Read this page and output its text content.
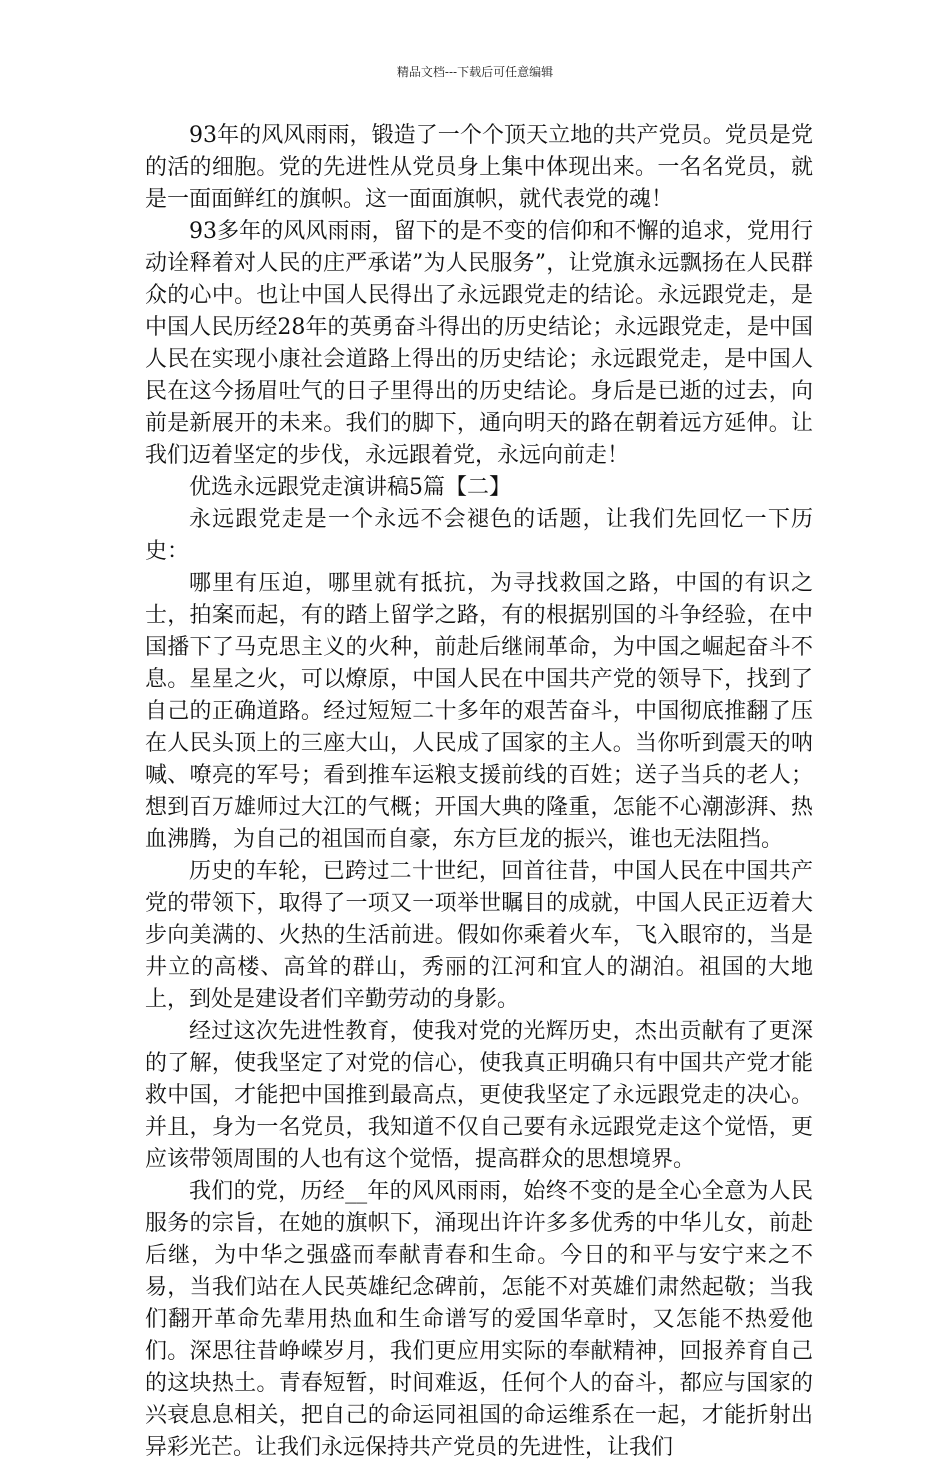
精品文档---下载后可任意编辑

93年的风风雨雨，锻造了一个个顶天立地的共产党员。党员是党的活的细胞。党的先进性从党员身上集中体现出来。一名名党员，就是一面面鲜红的旗帜。这一面面旗帜，就代表党的魂！

93多年的风风雨雨，留下的是不变的信仰和不懈的追求，党用行动诠释着对人民的庄严承诺”为人民服务”，让党旗永远飘扬在人民群众的心中。也让中国人民得出了永远跟党走的结论。永远跟党走，是中国人民历经28年的英勇奋斗得出的历史结论；永远跟党走，是中国人民在实现小康社会道路上得出的历史结论；永远跟党走，是中国人民在这今扬眉吐气的日子里得出的历史结论。身后是已逝的过去，向前是新展开的未来。我们的脚下，通向明天的路在朝着远方延伸。让我们迈着坚定的步伐，永远跟着党，永远向前走！

优选永远跟党走演讲稿5篇【二】

永远跟党走是一个永远不会褪色的话题，让我们先回忆一下历史：

哪里有压迫，哪里就有抵抗，为寻找救国之路，中国的有识之士，拍案而起，有的踏上留学之路，有的根据别国的斗争经验，在中国播下了马克思主义的火种，前赴后继闹革命，为中国之崛起奋斗不息。星星之火，可以燎原，中国人民在中国共产党的领导下，找到了自己的正确道路。经过短短二十多年的艰苦奋斗，中国彻底推翻了压在人民头顶上的三座大山，人民成了国家的主人。当你听到震天的呐喊、嘹亮的军号；看到推车运粮支援前线的百姓；送子当兵的老人；想到百万雄师过大江的气概；开国大典的隆重，怎能不心潮澎湃、热血沸腾，为自己的祖国而自豪，东方巨龙的振兴，谁也无法阻挡。

历史的车轮，已跨过二十世纪，回首往昔，中国人民在中国共产党的带领下，取得了一项又一项举世瞩目的成就，中国人民正迈着大步向美满的、火热的生活前进。假如你乘着火车，飞入眼帘的，当是井立的高楼、高耸的群山，秀丽的江河和宜人的湖泊。祖国的大地上，到处是建设者们辛勤劳动的身影。

经过这次先进性教育，使我对党的光辉历史，杰出贡献有了更深的了解，使我坚定了对党的信心，使我真正明确只有中国共产党才能救中国，才能把中国推到最高点，更使我坚定了永远跟党走的决心。并且，身为一名党员，我知道不仅自己要有永远跟党走这个觉悟，更应该带领周围的人也有这个觉悟，提高群众的思想境界。

我们的党，历经__年的风风雨雨，始终不变的是全心全意为人民服务的宗旨，在她的旗帜下，涌现出许许多多优秀的中华儿女，前赴后继，为中华之强盛而奉献青春和生命。今日的和平与安宁来之不易，当我们站在人民英雄纪念碑前，怎能不对英雄们肃然起敬；当我们翻开革命先辈用热血和生命谱写的爱国华章时，又怎能不热爱他们。深思往昔峥嵘岁月，我们更应用实际的奉献精神，回报养育自己的这块热土。青春短暂，时间难返，任何个人的奋斗，都应与国家的兴衰息息相关，把自己的命运同祖国的命运维系在一起，才能折射出异彩光芒。让我们永远保持共产党员的先进性，让我们
